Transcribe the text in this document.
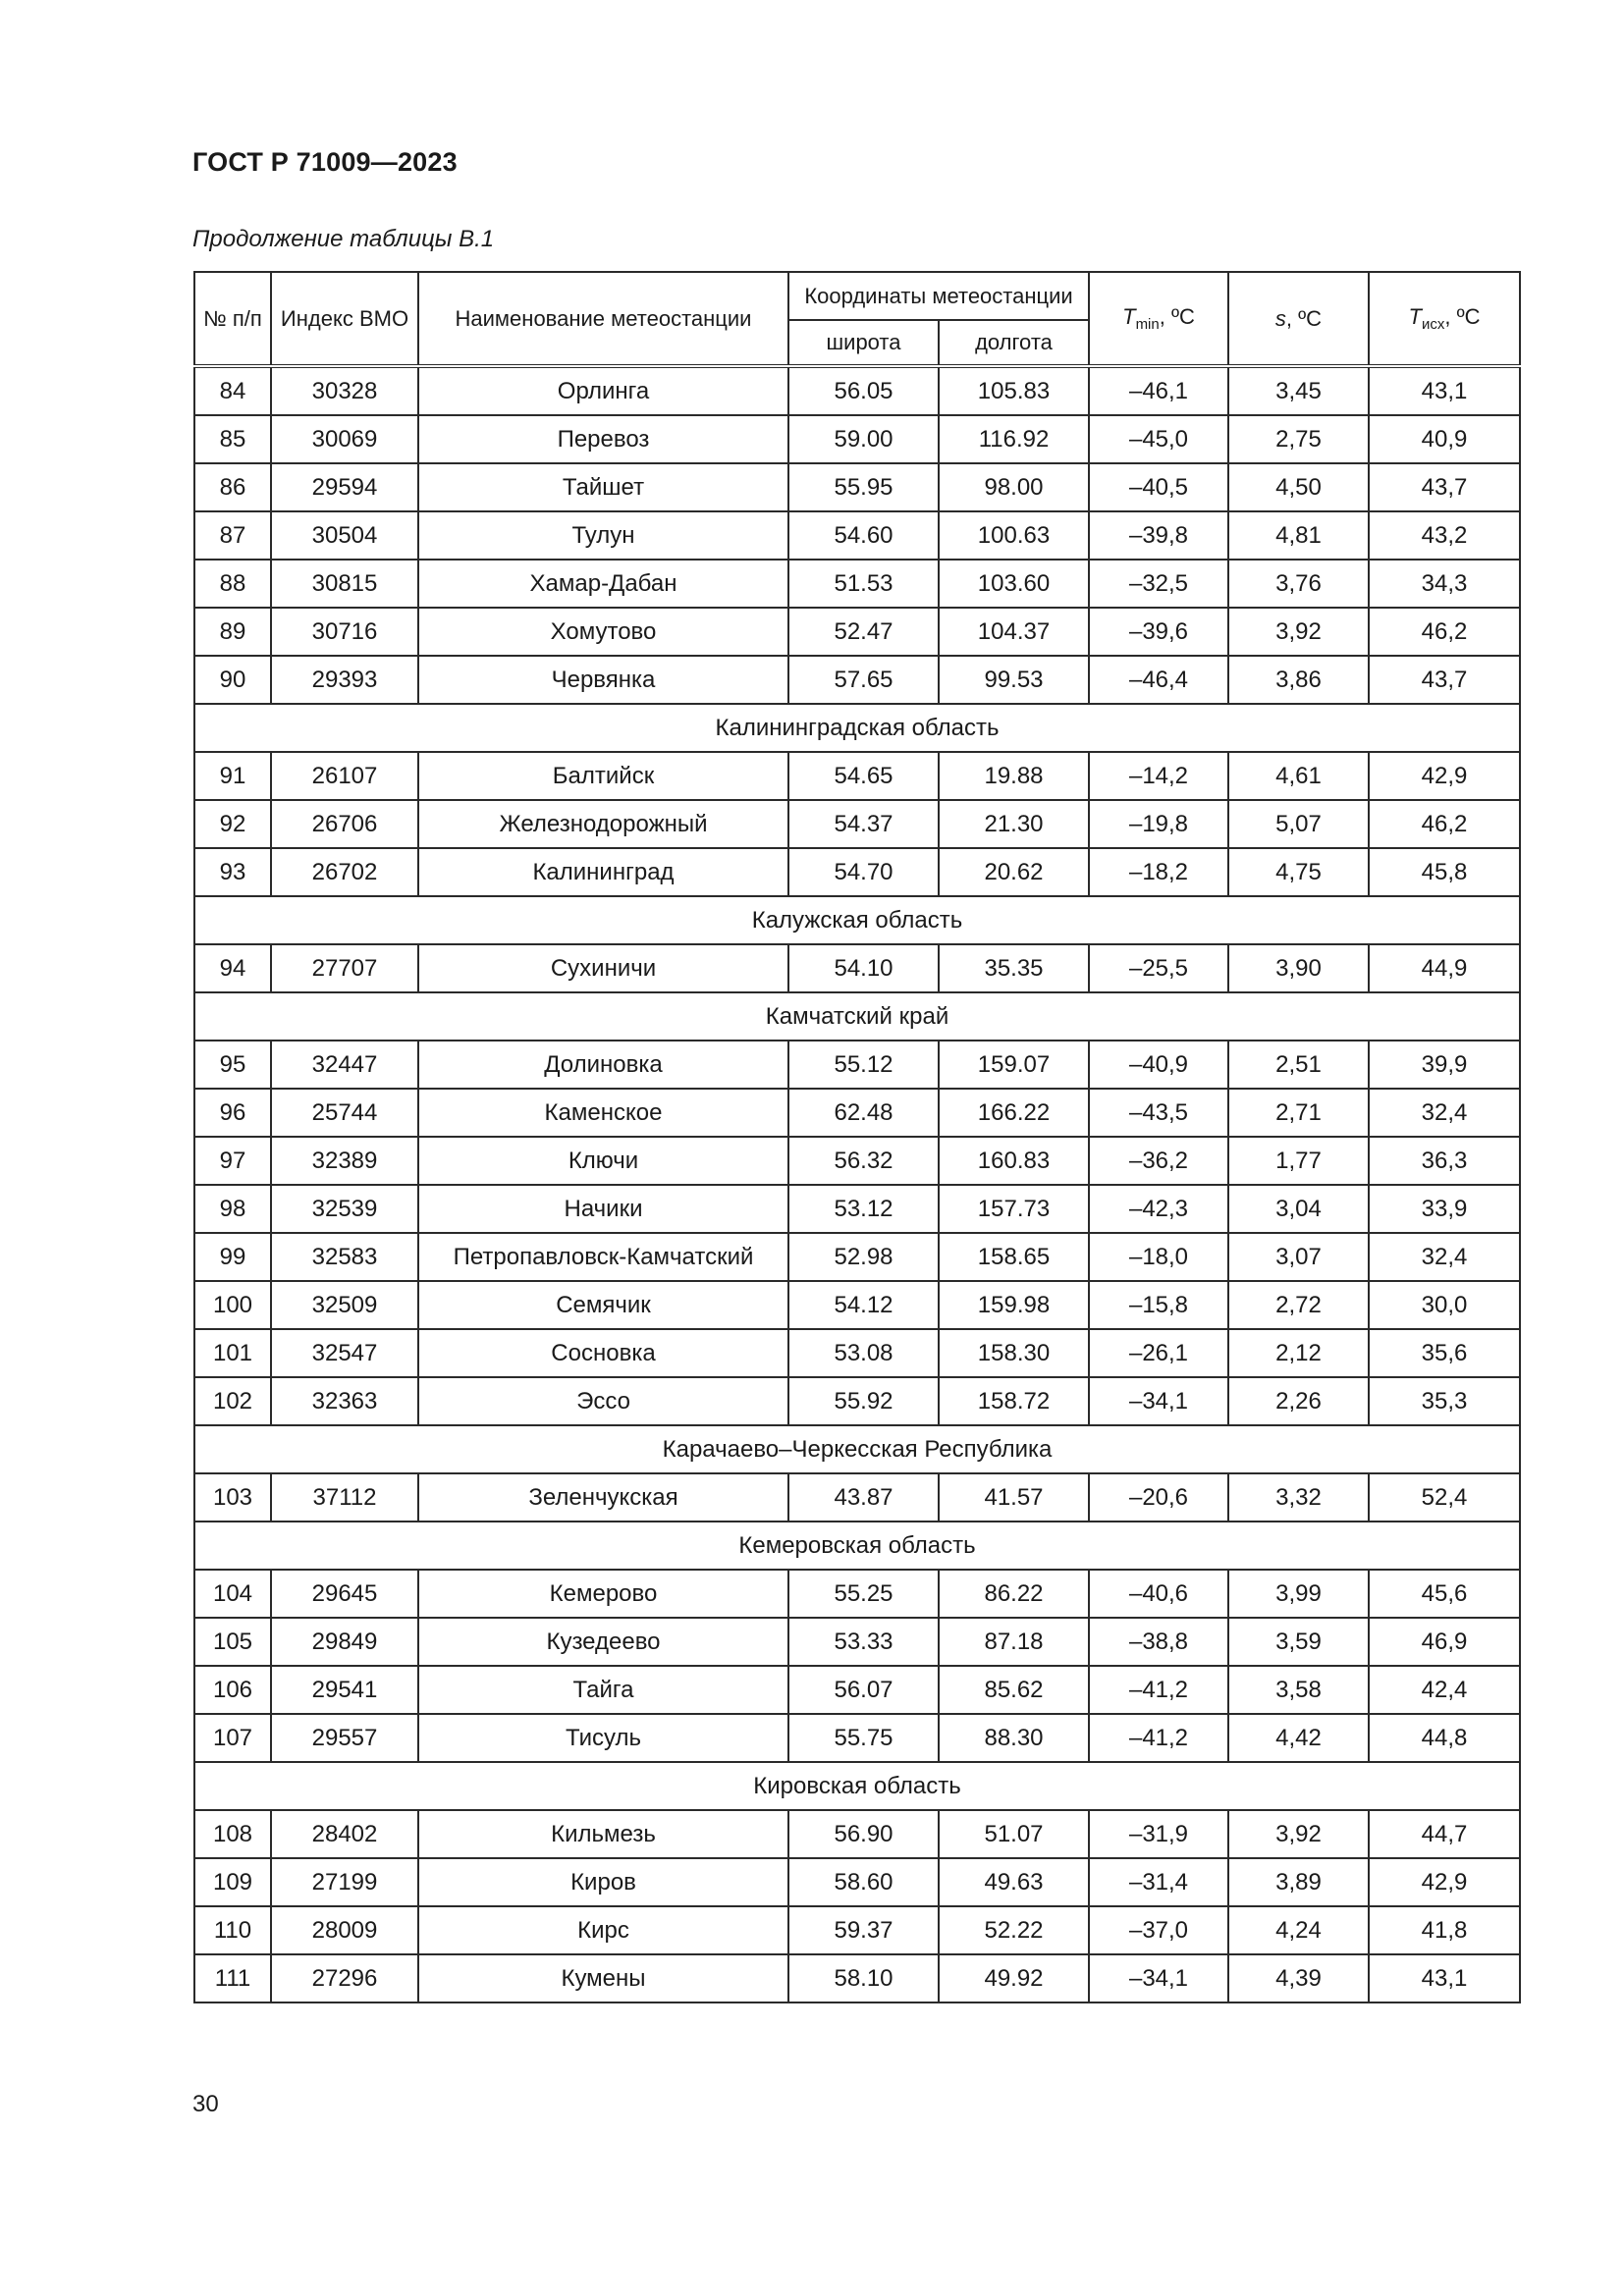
ГОСТ Р 71009—2023
Продолжение таблицы В.1
№ п/п	Индекс ВМО	Наименование метеостанции	Координаты метеостанции		$T_{min}$, ºС	s, ºС	$T_{исх}$, ºС
			широта	долгота			
84	30328	Орлинга	56.05	105.83	–46,1	3,45	43,1
85	30069	Перевоз	59.00	116.92	–45,0	2,75	40,9
86	29594	Тайшет	55.95	98.00	–40,5	4,50	43,7
87	30504	Тулун	54.60	100.63	–39,8	4,81	43,2
88	30815	Хамар-Дабан	51.53	103.60	–32,5	3,76	34,3
89	30716	Хомутово	52.47	104.37	–39,6	3,92	46,2
90	29393	Червянка	57.65	99.53	–46,4	3,86	43,7
Калининградская область							
91	26107	Балтийск	54.65	19.88	–14,2	4,61	42,9
92	26706	Железнодорожный	54.37	21.30	–19,8	5,07	46,2
93	26702	Калининград	54.70	20.62	–18,2	4,75	45,8
Калужская область							
94	27707	Сухиничи	54.10	35.35	–25,5	3,90	44,9
Камчатский край							
95	32447	Долиновка	55.12	159.07	–40,9	2,51	39,9
96	25744	Каменское	62.48	166.22	–43,5	2,71	32,4
97	32389	Ключи	56.32	160.83	–36,2	1,77	36,3
98	32539	Начики	53.12	157.73	–42,3	3,04	33,9
99	32583	Петропавловск-Камчатский	52.98	158.65	–18,0	3,07	32,4
100	32509	Семячик	54.12	159.98	–15,8	2,72	30,0
101	32547	Сосновка	53.08	158.30	–26,1	2,12	35,6
102	32363	Эссо	55.92	158.72	–34,1	2,26	35,3
Карачаево–Черкесская Республика							
103	37112	Зеленчукская	43.87	41.57	–20,6	3,32	52,4
Кемеровская область							
104	29645	Кемерово	55.25	86.22	–40,6	3,99	45,6
105	29849	Кузедеево	53.33	87.18	–38,8	3,59	46,9
106	29541	Тайга	56.07	85.62	–41,2	3,58	42,4
107	29557	Тисуль	55.75	88.30	–41,2	4,42	44,8
Кировская область							
108	28402	Кильмезь	56.90	51.07	–31,9	3,92	44,7
109	27199	Киров	58.60	49.63	–31,4	3,89	42,9
110	28009	Кирс	59.37	52.22	–37,0	4,24	41,8
111	27296	Кумены	58.10	49.92	–34,1	4,39	43,1
30
